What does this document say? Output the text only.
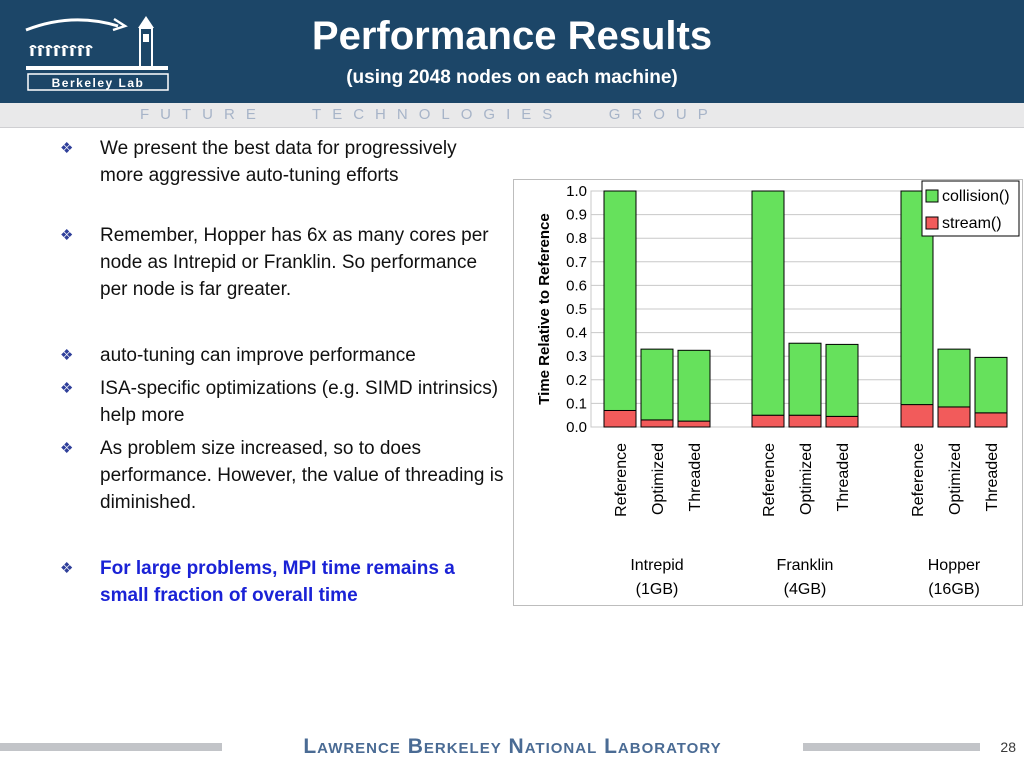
Berkeley Lab
Performance Results
(using 2048 nodes on each machine)
FUTURE   TECHNOLOGIES   GROUP
❖	We present the best data for progressively more aggressive auto-tuning efforts
❖	Remember, Hopper has 6x as many cores per node as Intrepid or Franklin. So performance per node is far greater.
❖	auto-tuning can improve performance
❖	ISA-specific optimizations (e.g. SIMD intrinsics) help more
❖	As problem size increased, so to does performance. However, the value of threading is diminished.
❖	For large problems, MPI time remains a small fraction of overall time
Time Relative to Reference
0.0
0.1
0.2
0.3
0.4
0.5
0.6
0.7
0.8
0.9
1.0
Reference Optimized Threaded
Intrepid
(1GB)
Reference Optimized Threaded
Franklin
(4GB)
Reference Optimized Threaded
Hopper
(16GB)
collision()
stream()
Lawrence Berkeley National Laboratory	28
